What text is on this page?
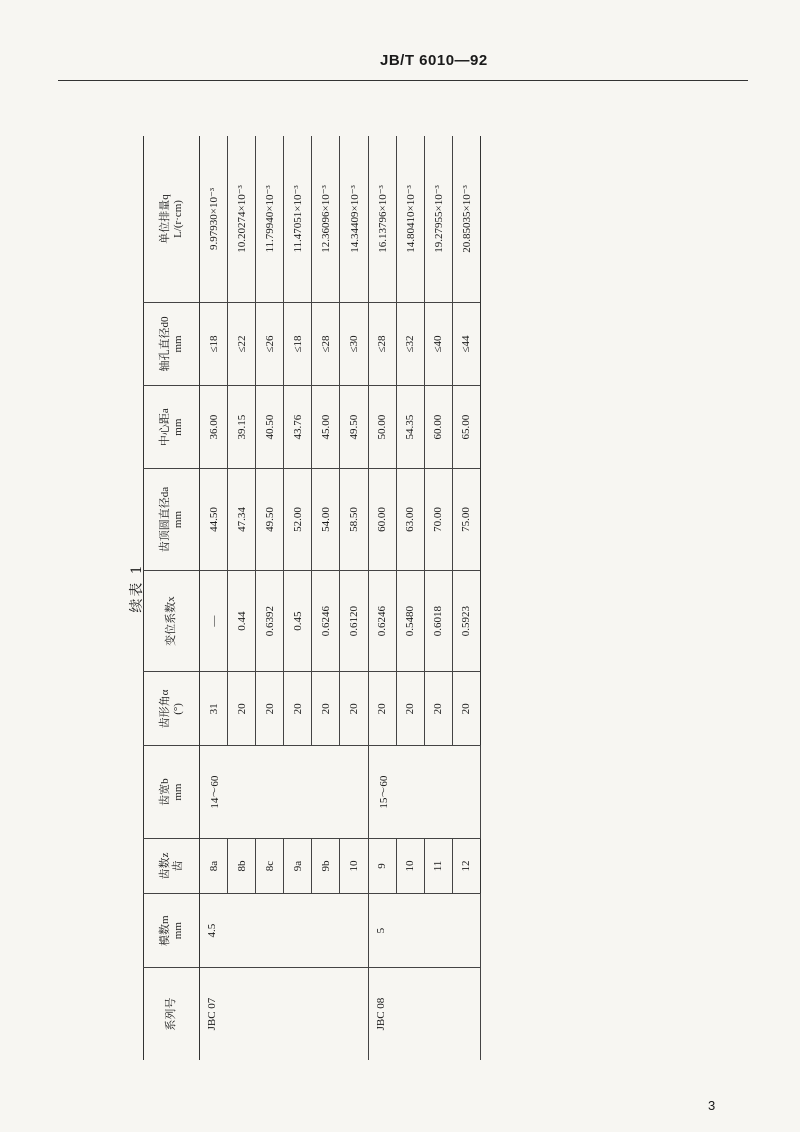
JB/T 6010—92
续表 1
系列号	模数m mm	齿数z 齿	齿宽b mm	齿形角α (°)	变位系数x	齿顶圆直径da mm	中心距a mm	轴孔直径d0 mm	单位排量q L/(r·cm)

JBC 07	4.5	8a	14～60	31	—	44.50	36.00	≤18	9.97930×10⁻³
		8b		20	0.44	47.34	39.15	≤22	10.20274×10⁻³
		8c		20	0.6392	49.50	40.50	≤26	11.79940×10⁻³
		9a		20	0.45	52.00	43.76	≤18	11.47051×10⁻³
		9b		20	0.6246	54.00	45.00	≤28	12.36096×10⁻³
		10		20	0.6120	58.50	49.50	≤30	14.34409×10⁻³
JBC 08	5	9	15～60	20	0.6246	60.00	50.00	≤28	16.13796×10⁻³
		10		20	0.5480	63.00	54.35	≤32	14.80410×10⁻³
		11		20	0.6018	70.00	60.00	≤40	19.27955×10⁻³
		12		20	0.5923	75.00	65.00	≤44	20.85035×10⁻³
3
